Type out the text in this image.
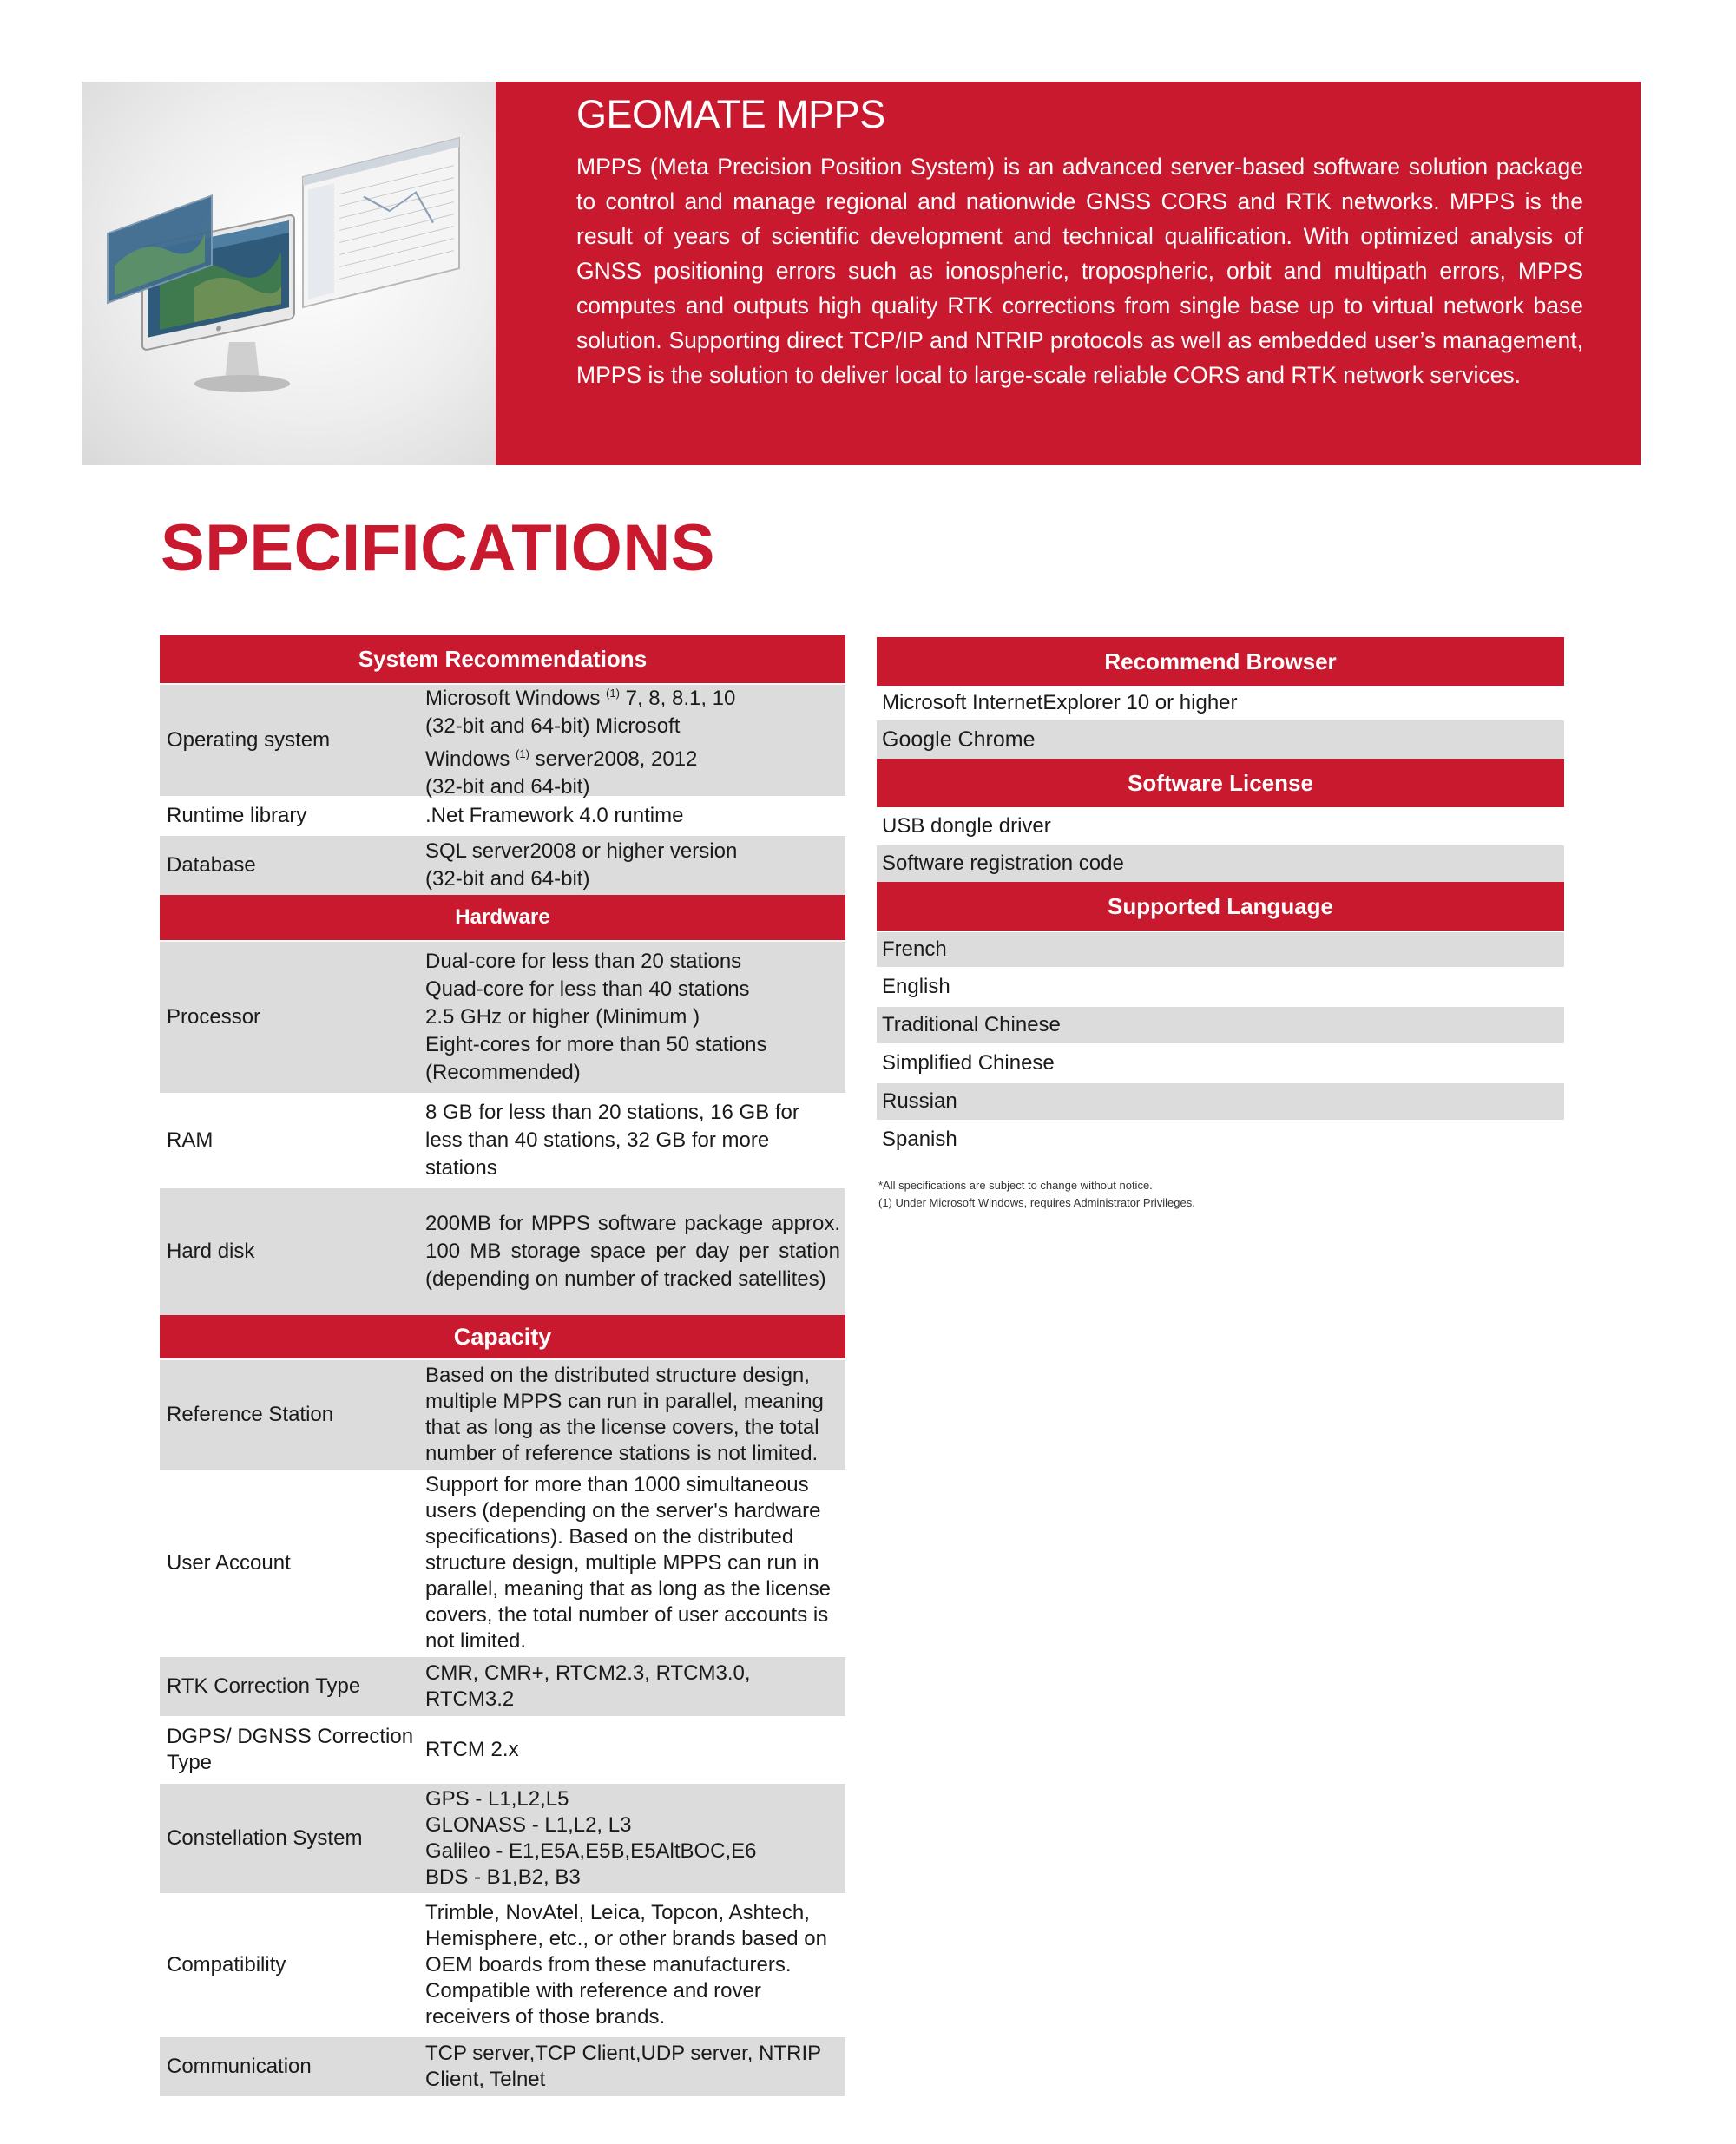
GEOMATE MPPS
MPPS (Meta Precision Position System) is an advanced server-based software solution package to control and manage regional and nationwide GNSS CORS and RTK networks. MPPS is the result of years of scientific development and technical qualification. With optimized analysis of GNSS positioning errors such as ionospheric, tropospheric, orbit and multipath errors, MPPS computes and outputs high quality RTK corrections from single base up to virtual network base solution. Supporting direct TCP/IP and NTRIP protocols as well as embedded user’s management, MPPS is the solution to deliver local to large-scale reliable CORS and RTK network services.
SPECIFICATIONS
System Recommendations
Operating system
Microsoft Windows $^{(1)}$ 7, 8, 8.1, 10
(32-bit and 64-bit) Microsoft
Windows $^{(1)}$ server2008, 2012
(32-bit and 64-bit)
Runtime library	.Net Framework 4.0 runtime
Database
SQL server2008 or higher version
(32-bit and 64-bit)
Hardware
Processor
Dual-core for less than 20 stations
Quad-core for less than 40 stations
2.5 GHz or higher (Minimum )
Eight-cores for more than 50 stations
(Recommended)
RAM
8 GB for less than 20 stations, 16 GB for less than 40 stations, 32 GB for more stations
Hard disk
200MB for MPPS software package approx. 100 MB storage space per day per station (depending on number of tracked satellites)
Capacity
Reference Station
Based on the distributed structure design, multiple MPPS can run in parallel, meaning that as long as the license covers, the total number of reference stations is not limited.
User Account
Support for more than 1000 simultaneous users (depending on the server's hardware specifications). Based on the distributed structure design, multiple MPPS can run in parallel, meaning that as long as the license covers, the total number of user accounts is not limited.
RTK Correction Type
CMR, CMR+, RTCM2.3, RTCM3.0, RTCM3.2
DGPS/ DGNSS Correction Type
RTCM 2.x
Constellation System
GPS - L1,L2,L5
GLONASS - L1,L2, L3
Galileo - E1,E5A,E5B,E5AltBOC,E6
BDS - B1,B2, B3
Compatibility
Trimble, NovAtel, Leica, Topcon, Ashtech, Hemisphere, etc., or other brands based on OEM boards from these manufacturers. Compatible with reference and rover receivers of those brands.
Communication
TCP server,TCP Client,UDP server, NTRIP Client, Telnet
Recommend Browser
Microsoft InternetExplorer 10 or higher
Google Chrome
Software License
USB dongle driver
Software registration code
Supported Language
French
English
Traditional Chinese
Simplified Chinese
Russian
Spanish
*All specifications are subject to change without notice.
(1) Under Microsoft Windows, requires Administrator Privileges.
